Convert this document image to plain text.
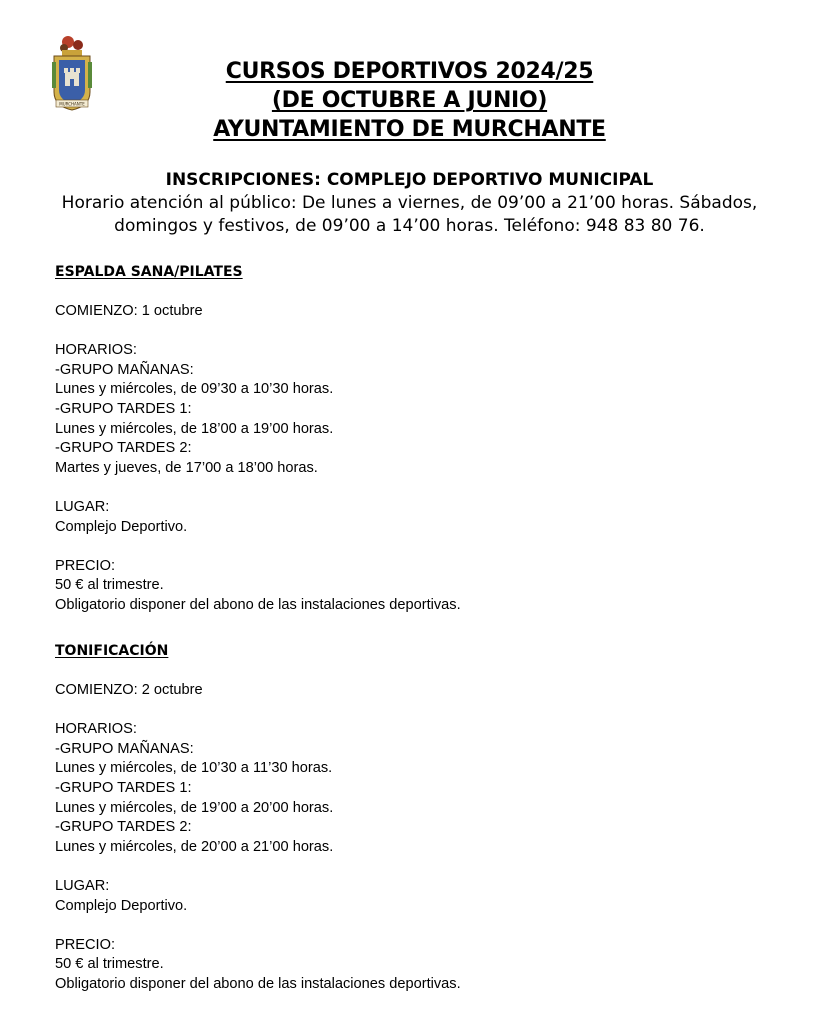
MURCHANTE
CURSOS DEPORTIVOS 2024/25
(DE OCTUBRE A JUNIO)
AYUNTAMIENTO DE MURCHANTE
INSCRIPCIONES: COMPLEJO DEPORTIVO MUNICIPAL
Horario atención al público: De lunes a viernes, de 09’00 a 21’00 horas. Sábados,
domingos y festivos, de 09’00 a 14’00 horas. Teléfono: 948 83 80 76.
ESPALDA SANA/PILATES
COMIENZO: 1 octubre
HORARIOS:
-GRUPO MAÑANAS:
Lunes y miércoles, de 09’30 a 10’30 horas.
-GRUPO TARDES 1:
Lunes y miércoles, de 18’00 a 19’00 horas.
-GRUPO TARDES 2:
Martes y jueves, de 17’00 a 18’00 horas.
LUGAR:
Complejo Deportivo.
PRECIO:
50 € al trimestre.
Obligatorio disponer del abono de las instalaciones deportivas.
TONIFICACIÓN
COMIENZO: 2 octubre
HORARIOS:
-GRUPO MAÑANAS:
Lunes y miércoles, de 10’30 a 11’30 horas.
-GRUPO TARDES 1:
Lunes y miércoles, de 19’00 a 20’00 horas.
-GRUPO TARDES 2:
Lunes y miércoles, de 20’00 a 21’00 horas.
LUGAR:
Complejo Deportivo.
PRECIO:
50 € al trimestre.
Obligatorio disponer del abono de las instalaciones deportivas.
